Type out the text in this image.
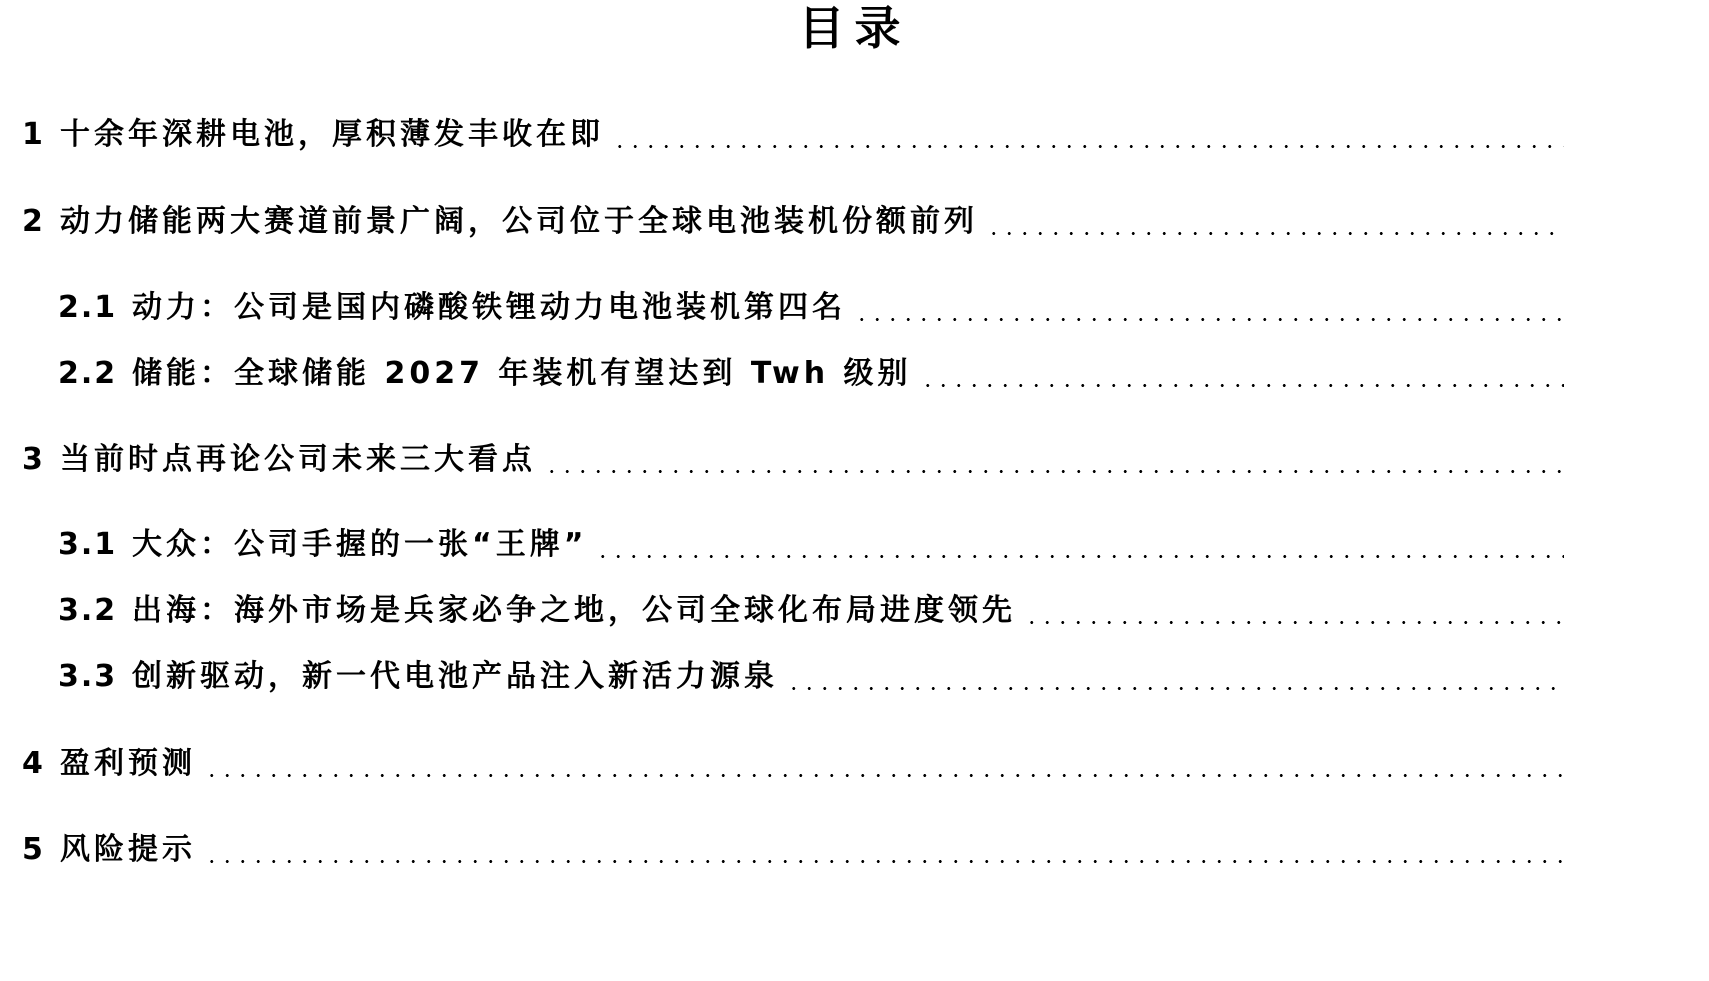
目录
1 十余年深耕电池，厚积薄发丰收在即
2 动力储能两大赛道前景广阔，公司位于全球电池装机份额前列
2.1 动力：公司是国内磷酸铁锂动力电池装机第四名
2.2 储能：全球储能 2027 年装机有望达到 Twh 级别
3 当前时点再论公司未来三大看点
3.1 大众：公司手握的一张“王牌”
3.2 出海：海外市场是兵家必争之地，公司全球化布局进度领先
3.3 创新驱动，新一代电池产品注入新活力源泉
4 盈利预测
5 风险提示
